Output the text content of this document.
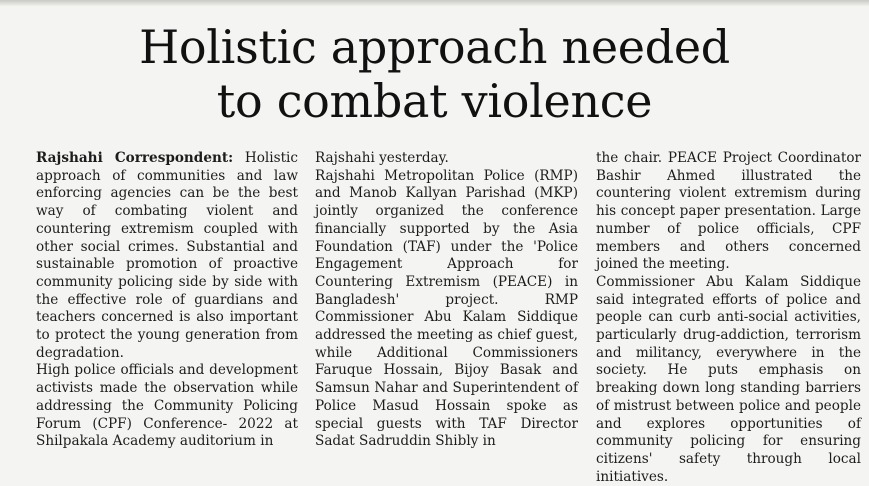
Holistic approach needed
to combat violence

Rajshahi Correspondent: Holistic approach of communities and law enforcing agencies can be the best way of combating violent and countering extremism coupled with other social crimes. Substantial and sustainable promotion of proactive community policing side by side with the effective role of guardians and teachers concerned is also important to protect the young generation from degradation.

High police officials and development activists made the observation while addressing the Community Policing Forum (CPF) Conference- 2022 at Shilpakala Academy auditorium in

Rajshahi yesterday.

Rajshahi Metropolitan Police (RMP) and Manob Kallyan Parishad (MKP) jointly organized the conference financially supported by the Asia Foundation (TAF) under the 'Police Engagement Approach for Countering Extremism (PEACE) in Bangladesh' project. RMP Commissioner Abu Kalam Siddique addressed the meeting as chief guest, while Additional Commissioners Faruque Hossain, Bijoy Basak and Samsun Nahar and Superintendent of Police Masud Hossain spoke as special guests with TAF Director Sadat Sadruddin Shibly in

the chair. PEACE Project Coordinator Bashir Ahmed illustrated the countering violent extremism during his concept paper presentation. Large number of police officials, CPF members and others concerned joined the meeting.

Commissioner Abu Kalam Siddique said integrated efforts of police and people can curb anti-social activities, particularly drug-addiction, terrorism and militancy, everywhere in the society. He puts emphasis on breaking down long standing barriers of mistrust between police and people and explores opportunities of community policing for ensuring citizens' safety through local initiatives.
